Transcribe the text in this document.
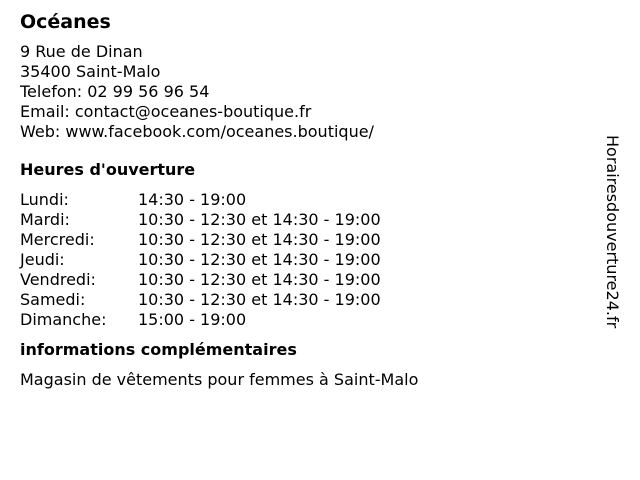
Océanes
9 Rue de Dinan
35400 Saint-Malo
Telefon: 02 99 56 96 54
Email: contact@oceanes-boutique.fr
Web: www.facebook.com/oceanes.boutique/
Heures d'ouverture
Lundi:	14:30 - 19:00
Mardi:	10:30 - 12:30 et 14:30 - 19:00
Mercredi:	10:30 - 12:30 et 14:30 - 19:00
Jeudi:	10:30 - 12:30 et 14:30 - 19:00
Vendredi:	10:30 - 12:30 et 14:30 - 19:00
Samedi:	10:30 - 12:30 et 14:30 - 19:00
Dimanche:	15:00 - 19:00
informations complémentaires
Magasin de vêtements pour femmes à Saint-Malo
Horairesdouverture24.fr
